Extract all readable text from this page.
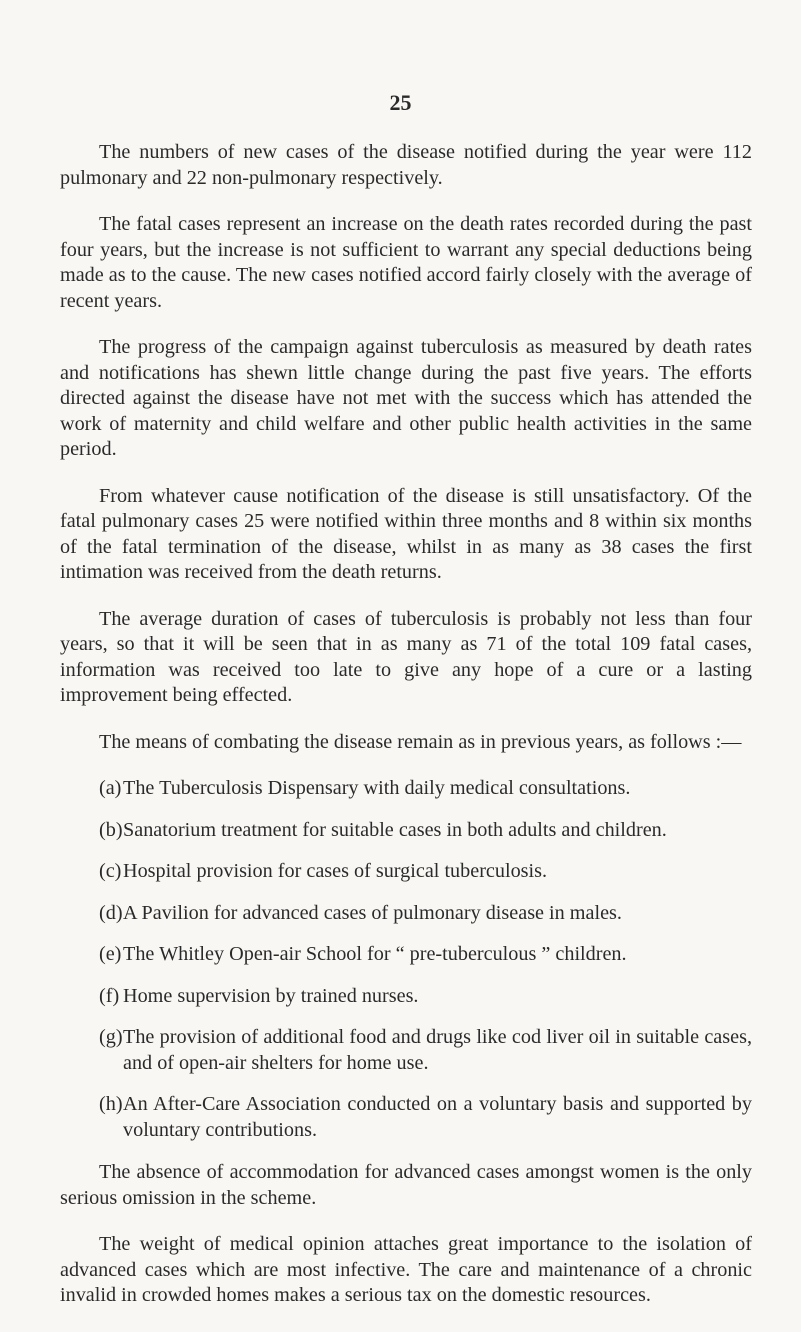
25

The numbers of new cases of the disease notified during the year were 112 pulmonary and 22 non-pulmonary respectively.

The fatal cases represent an increase on the death rates recorded during the past four years, but the increase is not sufficient to warrant any special deductions being made as to the cause. The new cases notified accord fairly closely with the average of recent years.

The progress of the campaign against tuberculosis as measured by death rates and notifications has shewn little change during the past five years. The efforts directed against the disease have not met with the success which has attended the work of maternity and child welfare and other public health activities in the same period.

From whatever cause notification of the disease is still unsatisfactory. Of the fatal pulmonary cases 25 were notified within three months and 8 within six months of the fatal termination of the disease, whilst in as many as 38 cases the first intimation was received from the death returns.

The average duration of cases of tuberculosis is probably not less than four years, so that it will be seen that in as many as 71 of the total 109 fatal cases, information was received too late to give any hope of a cure or a lasting improvement being effected.

The means of combating the disease remain as in previous years, as follows :—

(a) The Tuberculosis Dispensary with daily medical consultations.
(b) Sanatorium treatment for suitable cases in both adults and children.
(c) Hospital provision for cases of surgical tuberculosis.
(d) A Pavilion for advanced cases of pulmonary disease in males.
(e) The Whitley Open-air School for “ pre-tuberculous ” children.
(f) Home supervision by trained nurses.
(g) The provision of additional food and drugs like cod liver oil in suitable cases, and of open-air shelters for home use.
(h) An After-Care Association conducted on a voluntary basis and supported by voluntary contributions.

The absence of accommodation for advanced cases amongst women is the only serious omission in the scheme.

The weight of medical opinion attaches great importance to the isolation of advanced cases which are most infective. The care and maintenance of a chronic invalid in crowded homes makes a serious tax on the domestic resources.
